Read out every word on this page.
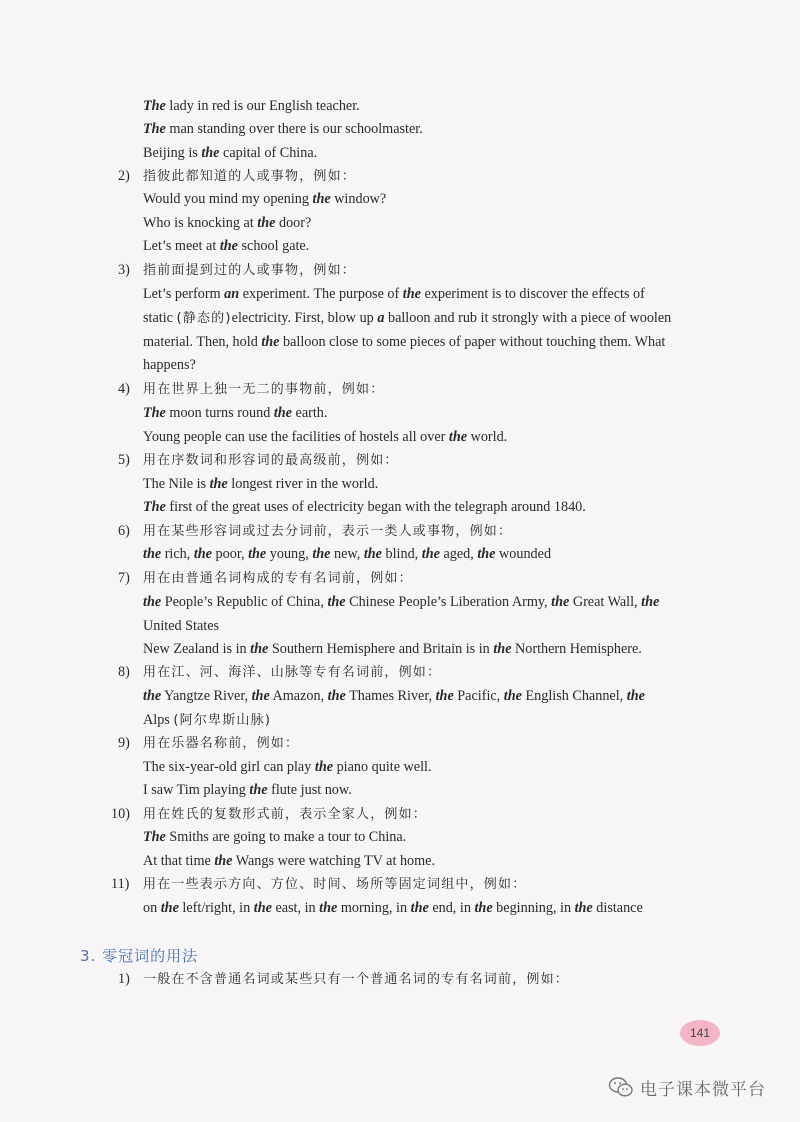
The lady in red is our English teacher.
The man standing over there is our schoolmaster.
Beijing is the capital of China.
指彼此都知道的人或事物，例如：
Would you mind my opening the window?
Who is knocking at the door?
Let’s meet at the school gate.
指前面提到过的人或事物，例如：
Let’s perform an experiment. The purpose of the experiment is to discover the effects of
static (静态的)electricity. First, blow up a balloon and rub it strongly with a piece of woolen
material. Then, hold the balloon close to some pieces of paper without touching them. What
happens?
用在世界上独一无二的事物前，例如：
The moon turns round the earth.
Young people can use the facilities of hostels all over the world.
用在序数词和形容词的最高级前，例如：
The Nile is the longest river in the world.
The first of the great uses of electricity began with the telegraph around 1840.
用在某些形容词或过去分词前，表示一类人或事物，例如：
the rich, the poor, the young, the new, the blind, the aged, the wounded
用在由普通名词构成的专有名词前，例如：
the People’s Republic of China, the Chinese People’s Liberation Army, the Great Wall, the
United States
New Zealand is in the Southern Hemisphere and Britain is in the Northern Hemisphere.
用在江、河、海洋、山脉等专有名词前，例如：
the Yangtze River, the Amazon, the Thames River, the Pacific, the English Channel, the
Alps (阿尔卑斯山脉)
用在乐器名称前，例如：
The six-year-old girl can play the piano quite well.
I saw Tim playing the flute just now.
用在姓氏的复数形式前，表示全家人，例如：
The Smiths are going to make a tour to China.
At that time the Wangs were watching TV at home.
用在一些表示方向、方位、时间、场所等固定词组中，例如：
on the left/right, in the east, in the morning, in the end, in the beginning, in the distance
一般在不含普通名词或某些只有一个普通名词的专有名词前，例如：
2)
3)
4)
5)
6)
7)
8)
9)
10)
11)
1)
3. 零冠词的用法
141
电子课本微平台
